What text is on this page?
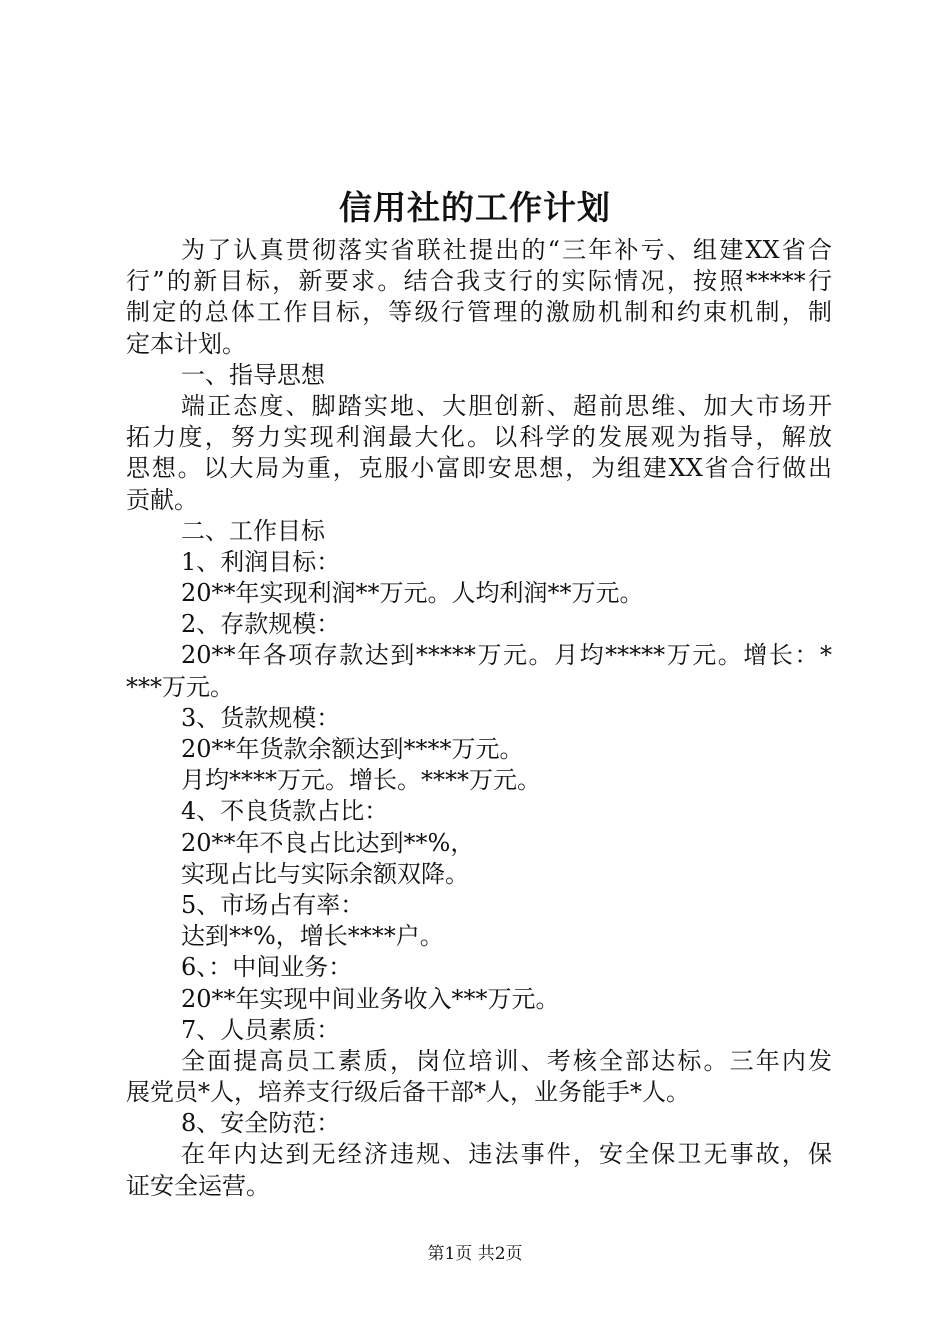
信用社的工作计划
为了认真贯彻落实省联社提出的“三年补亏、组建XX省合
行”的新目标，新要求。结合我支行的实际情况，按照*****行
制定的总体工作目标，等级行管理的激励机制和约束机制，制
定本计划。
一、指导思想
端正态度、脚踏实地、大胆创新、超前思维、加大市场开
拓力度，努力实现利润最大化。以科学的发展观为指导，解放
思想。以大局为重，克服小富即安思想，为组建XX省合行做出
贡献。
二、工作目标
1、利润目标：
20**年实现利润**万元。人均利润**万元。
2、存款规模：
20**年各项存款达到*****万元。月均*****万元。增长：*
***万元。
3、货款规模：
20**年货款余额达到****万元。
月均****万元。增长。****万元。
4、不良货款占比：
20**年不良占比达到**%，
实现占比与实际余额双降。
5、市场占有率：
达到**%，增长****户。
6、：中间业务：
20**年实现中间业务收入***万元。
7、人员素质：
全面提高员工素质，岗位培训、考核全部达标。三年内发
展党员*人，培养支行级后备干部*人，业务能手*人。
8、安全防范：
在年内达到无经济违规、违法事件，安全保卫无事故，保
证安全运营。
第1页 共2页
